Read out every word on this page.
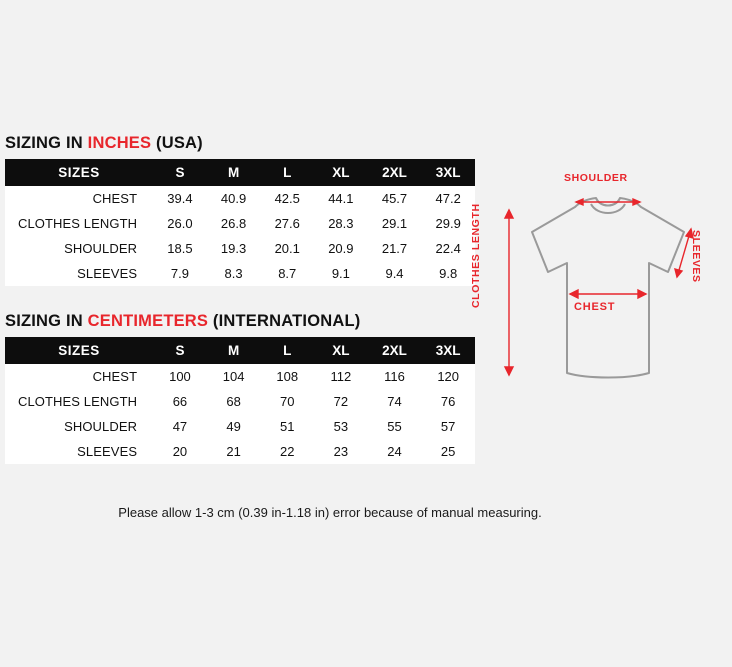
SIZING IN INCHES (USA)
SIZES	S	M	L	XL	2XL	3XL
CHEST	39.4	40.9	42.5	44.1	45.7	47.2
CLOTHES LENGTH	26.0	26.8	27.6	28.3	29.1	29.9
SHOULDER	18.5	19.3	20.1	20.9	21.7	22.4
SLEEVES	7.9	8.3	8.7	9.1	9.4	9.8
SIZING IN CENTIMETERS (INTERNATIONAL)
SIZES	S	M	L	XL	2XL	3XL
CHEST	100	104	108	112	116	120
CLOTHES LENGTH	66	68	70	72	74	76
SHOULDER	47	49	51	53	55	57
SLEEVES	20	21	22	23	24	25
Please allow 1-3 cm (0.39 in-1.18 in) error because of manual measuring.
SHOULDER
CHEST
CLOTHES LENGTH	SLEEVES
